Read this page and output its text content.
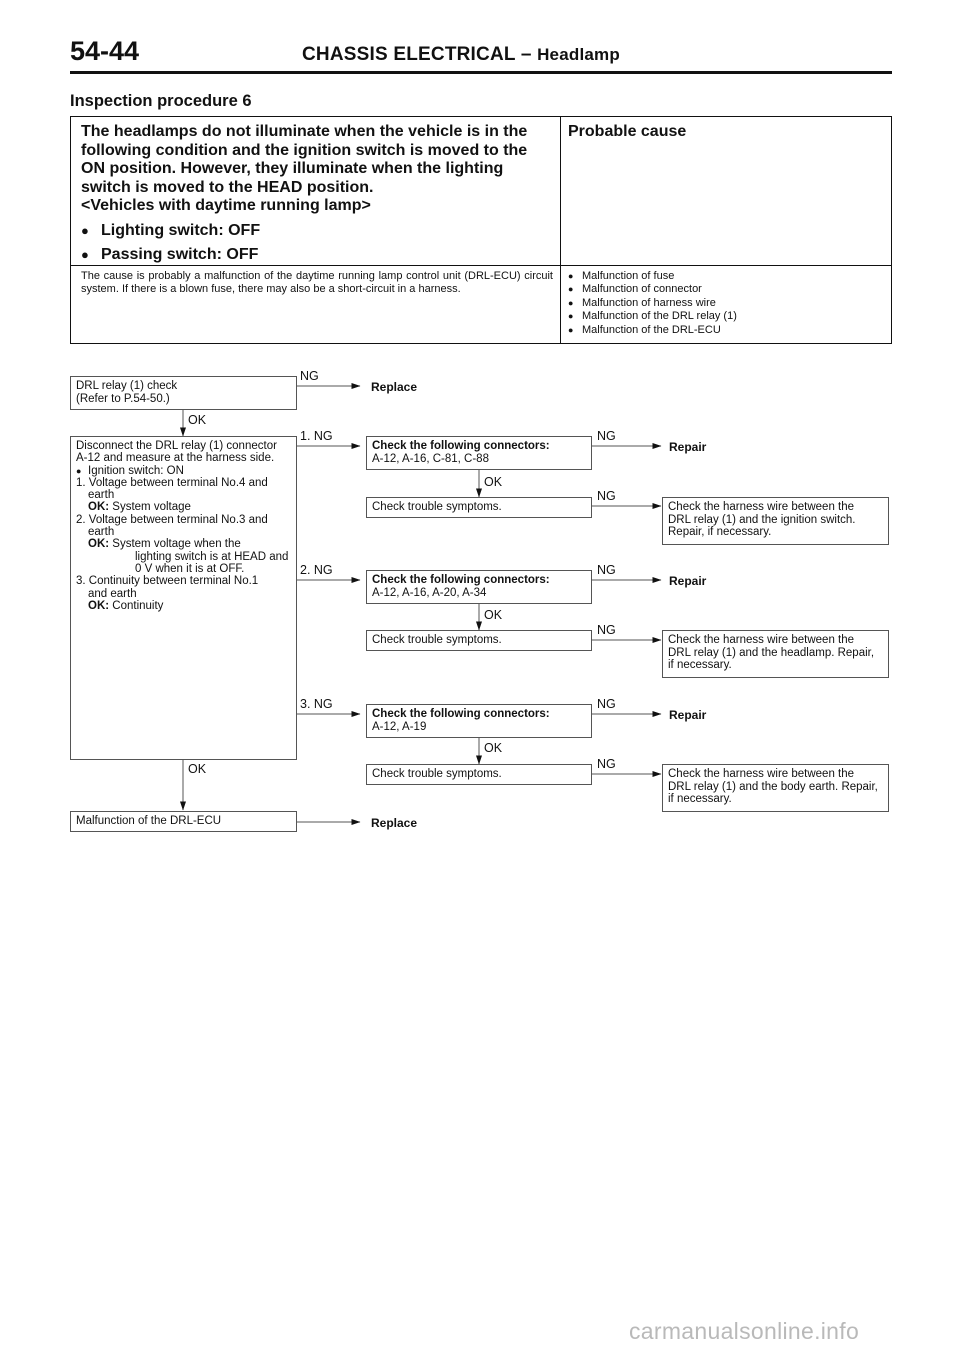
54-44	CHASSIS ELECTRICAL – Headlamp
Inspection procedure 6
The headlamps do not illuminate when the vehicle is in the
following condition and the ignition switch is moved to the
ON position. However, they illuminate when the lighting
switch is moved to the HEAD position.
<Vehicles with daytime running lamp>
● Lighting switch: OFF
● Passing switch: OFF
Probable cause
The cause is probably a malfunction of the daytime running lamp control unit (DRL-ECU) circuit system. If there is a blown fuse, there may also be a short-circuit in a harness.
● Malfunction of fuse
● Malfunction of connector
● Malfunction of harness wire
● Malfunction of the DRL relay (1)
● Malfunction of the DRL-ECU
DRL relay (1) check
(Refer to P.54-50.)
NG
Replace
OK
Disconnect the DRL relay (1) connector
A-12 and measure at the harness side.
● Ignition switch: ON
1. Voltage between terminal No.4 and
earth
OK: System voltage
2. Voltage between terminal No.3 and
earth
OK: System voltage when the
lighting switch is at HEAD and
0 V when it is at OFF.
3. Continuity between terminal No.1
and earth
OK: Continuity
1. NG
Check the following connectors:
A-12, A-16, C-81, C-88
NG
Repair
OK
Check trouble symptoms.
NG
Check the harness wire between the
DRL relay (1) and the ignition switch.
Repair, if necessary.
2. NG
Check the following connectors:
A-12, A-16, A-20, A-34
NG
Repair
OK
Check trouble symptoms.
NG
Check the harness wire between the
DRL relay (1) and the headlamp. Repair,
if necessary.
3. NG
Check the following connectors:
A-12, A-19
NG
Repair
OK
Check trouble symptoms.
NG
Check the harness wire between the
DRL relay (1) and the body earth. Repair,
if necessary.
OK
Malfunction of the DRL-ECU	Replace
carmanualsonline.info
